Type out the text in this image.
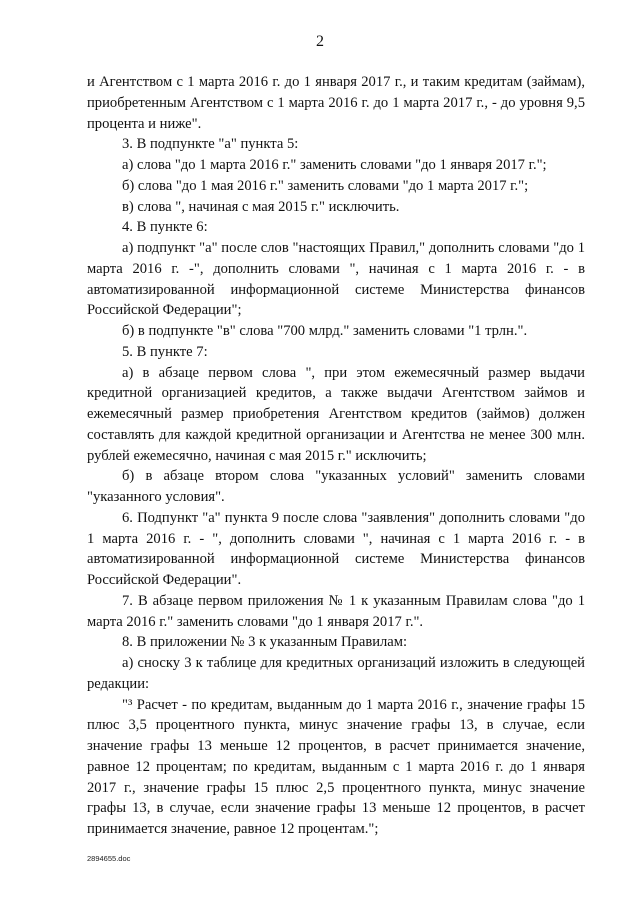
2

и Агентством с 1 марта 2016 г. до 1 января 2017 г., и таким кредитам (займам), приобретенным Агентством с 1 марта 2016 г. до 1 марта 2017 г., - до уровня 9,5 процента и ниже".

3. В подпункте "а" пункта 5:

а) слова "до 1 марта 2016 г." заменить словами "до 1 января 2017 г.";

б) слова "до 1 мая 2016 г." заменить словами "до 1 марта 2017 г.";

в) слова ", начиная с мая 2015 г." исключить.

4. В пункте 6:

а) подпункт "а" после слов "настоящих Правил," дополнить словами "до 1 марта 2016 г. -", дополнить словами ", начиная с 1 марта 2016 г. - в автоматизированной информационной системе Министерства финансов Российской Федерации";

б) в подпункте "в" слова "700 млрд." заменить словами "1 трлн.".

5. В пункте 7:

а) в абзаце первом слова ", при этом ежемесячный размер выдачи кредитной организацией кредитов, а также выдачи Агентством займов и ежемесячный размер приобретения Агентством кредитов (займов) должен составлять для каждой кредитной организации и Агентства не менее 300 млн. рублей ежемесячно, начиная с мая 2015 г." исключить;

б) в абзаце втором слова "указанных условий" заменить словами "указанного условия".

6. Подпункт "а" пункта 9 после слова "заявления" дополнить словами "до 1 марта 2016 г. - ", дополнить словами ", начиная с 1 марта 2016 г. - в автоматизированной информационной системе Министерства финансов Российской Федерации".

7. В абзаце первом приложения № 1 к указанным Правилам слова "до 1 марта 2016 г." заменить словами "до 1 января 2017 г.".

8. В приложении № 3 к указанным Правилам:

а) сноску 3 к таблице для кредитных организаций изложить в следующей редакции:

"³ Расчет - по кредитам, выданным до 1 марта 2016 г., значение графы 15 плюс 3,5 процентного пункта, минус значение графы 13, в случае, если значение графы 13 меньше 12 процентов, в расчет принимается значение, равное 12 процентам; по кредитам, выданным с 1 марта 2016 г. до 1 января 2017 г., значение графы 15 плюс 2,5 процентного пункта, минус значение графы 13, в случае, если значение графы 13 меньше 12 процентов, в расчет принимается значение, равное 12 процентам.";

2894655.doc
